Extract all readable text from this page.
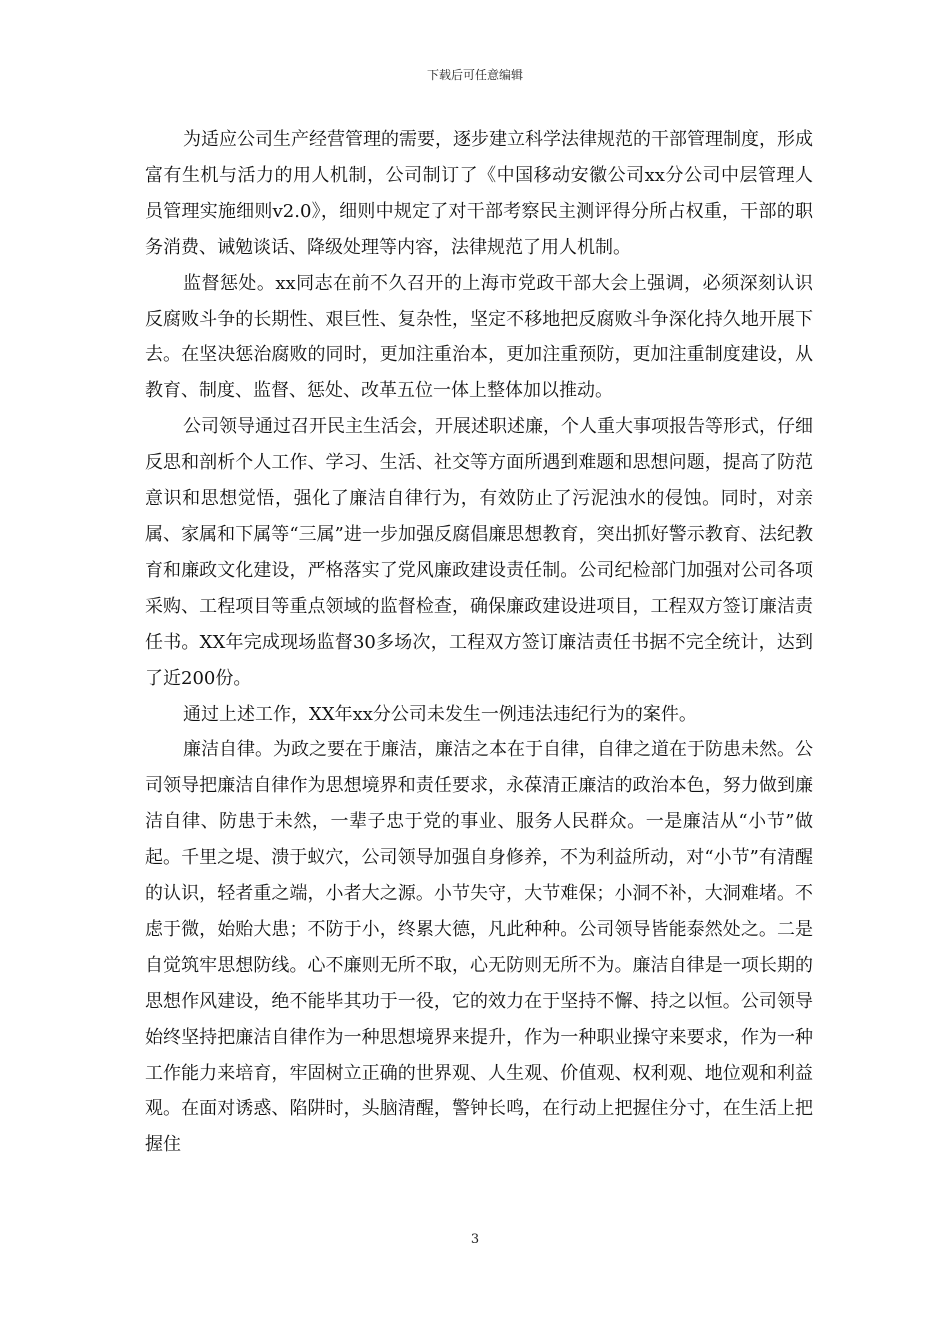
下载后可任意编辑

为适应公司生产经营管理的需要，逐步建立科学法律规范的干部管理制度，形成富有生机与活力的用人机制，公司制订了《中国移动安徽公司xx分公司中层管理人员管理实施细则v2.0》，细则中规定了对干部考察民主测评得分所占权重，干部的职务消费、诫勉谈话、降级处理等内容，法律规范了用人机制。

监督惩处。xx同志在前不久召开的上海市党政干部大会上强调，必须深刻认识反腐败斗争的长期性、艰巨性、复杂性，坚定不移地把反腐败斗争深化持久地开展下去。在坚决惩治腐败的同时，更加注重治本，更加注重预防，更加注重制度建设，从教育、制度、监督、惩处、改革五位一体上整体加以推动。

公司领导通过召开民主生活会，开展述职述廉，个人重大事项报告等形式，仔细反思和剖析个人工作、学习、生活、社交等方面所遇到难题和思想问题，提高了防范意识和思想觉悟，强化了廉洁自律行为，有效防止了污泥浊水的侵蚀。同时，对亲属、家属和下属等“三属”进一步加强反腐倡廉思想教育，突出抓好警示教育、法纪教育和廉政文化建设，严格落实了党风廉政建设责任制。公司纪检部门加强对公司各项采购、工程项目等重点领域的监督检查，确保廉政建设进项目，工程双方签订廉洁责任书。XX年完成现场监督30多场次，工程双方签订廉洁责任书据不完全统计，达到了近200份。

通过上述工作，XX年xx分公司未发生一例违法违纪行为的案件。

廉洁自律。为政之要在于廉洁，廉洁之本在于自律，自律之道在于防患未然。公司领导把廉洁自律作为思想境界和责任要求，永葆清正廉洁的政治本色，努力做到廉洁自律、防患于未然，一辈子忠于党的事业、服务人民群众。一是廉洁从“小节”做起。千里之堤、溃于蚁穴，公司领导加强自身修养，不为利益所动，对“小节”有清醒的认识，轻者重之端，小者大之源。小节失守，大节难保；小洞不补，大洞难堵。不虑于微，始贻大患；不防于小，终累大德，凡此种种。公司领导皆能泰然处之。二是自觉筑牢思想防线。心不廉则无所不取，心无防则无所不为。廉洁自律是一项长期的思想作风建设，绝不能毕其功于一役，它的效力在于坚持不懈、持之以恒。公司领导始终坚持把廉洁自律作为一种思想境界来提升，作为一种职业操守来要求，作为一种工作能力来培育，牢固树立正确的世界观、人生观、价值观、权利观、地位观和利益观。在面对诱惑、陷阱时，头脑清醒，警钟长鸣，在行动上把握住分寸，在生活上把握住

3
